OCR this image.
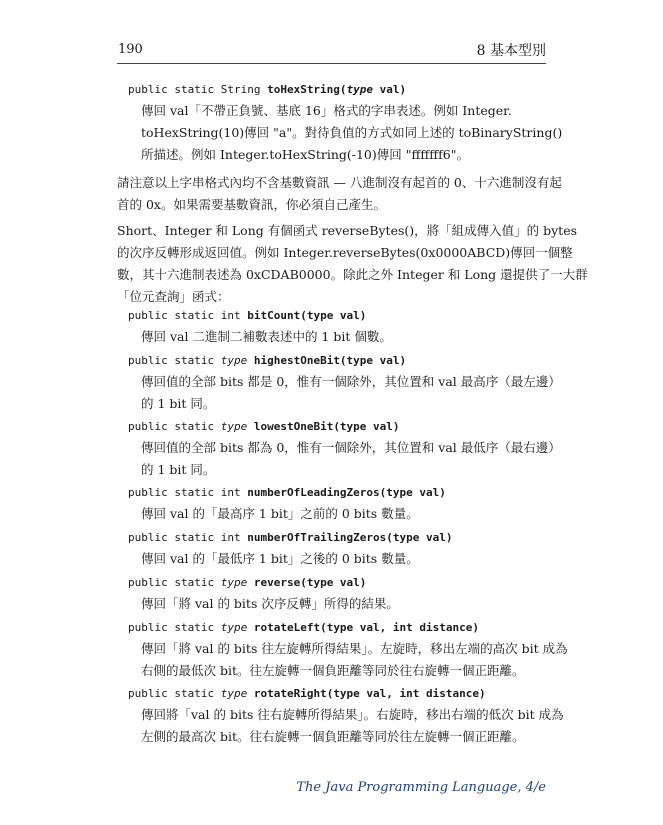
190	8 基本型別
public static String toHexString(type val)
傳回 val「不帶正負號、基底 16」格式的字串表述。例如 Integer.
toHexString(10)傳回 "a"。對待負值的方式如同上述的 toBinaryString()
所描述。例如 Integer.toHexString(-10)傳回 "fffffff6"。
請注意以上字串格式內均不含基數資訊 — 八進制沒有起首的 0、十六進制沒有起
首的 0x。如果需要基數資訊，你必須自己產生。
Short、Integer 和 Long 有個函式 reverseBytes()，將「組成傳入值」的 bytes
的次序反轉形成返回值。例如 Integer.reverseBytes(0x0000ABCD)傳回一個整
數，其十六進制表述為 0xCDAB0000。除此之外 Integer 和 Long 還提供了一大群
「位元查詢」函式：
public static int bitCount(type val)
傳回 val 二進制二補數表述中的 1 bit 個數。
public static type highestOneBit(type val)
傳回值的全部 bits 都是 0，惟有一個除外，其位置和 val 最高序（最左邊）
的 1 bit 同。
public static type lowestOneBit(type val)
傳回值的全部 bits 都為 0，惟有一個除外，其位置和 val 最低序（最右邊）
的 1 bit 同。
public static int numberOfLeadingZeros(type val)
傳回 val 的「最高序 1 bit」之前的 0 bits 數量。
public static int numberOfTrailingZeros(type val)
傳回 val 的「最低序 1 bit」之後的 0 bits 數量。
public static type reverse(type val)
傳回「將 val 的 bits 次序反轉」所得的結果。
public static type rotateLeft(type val, int distance)
傳回「將 val 的 bits 往左旋轉所得結果」。左旋時，移出左端的高次 bit 成為
右側的最低次 bit。往左旋轉一個負距離等同於往右旋轉一個正距離。
public static type rotateRight(type val, int distance)
傳回將「val 的 bits 往右旋轉所得結果」。右旋時，移出右端的低次 bit 成為
左側的最高次 bit。往右旋轉一個負距離等同於往左旋轉一個正距離。
The Java Programming Language, 4/e
